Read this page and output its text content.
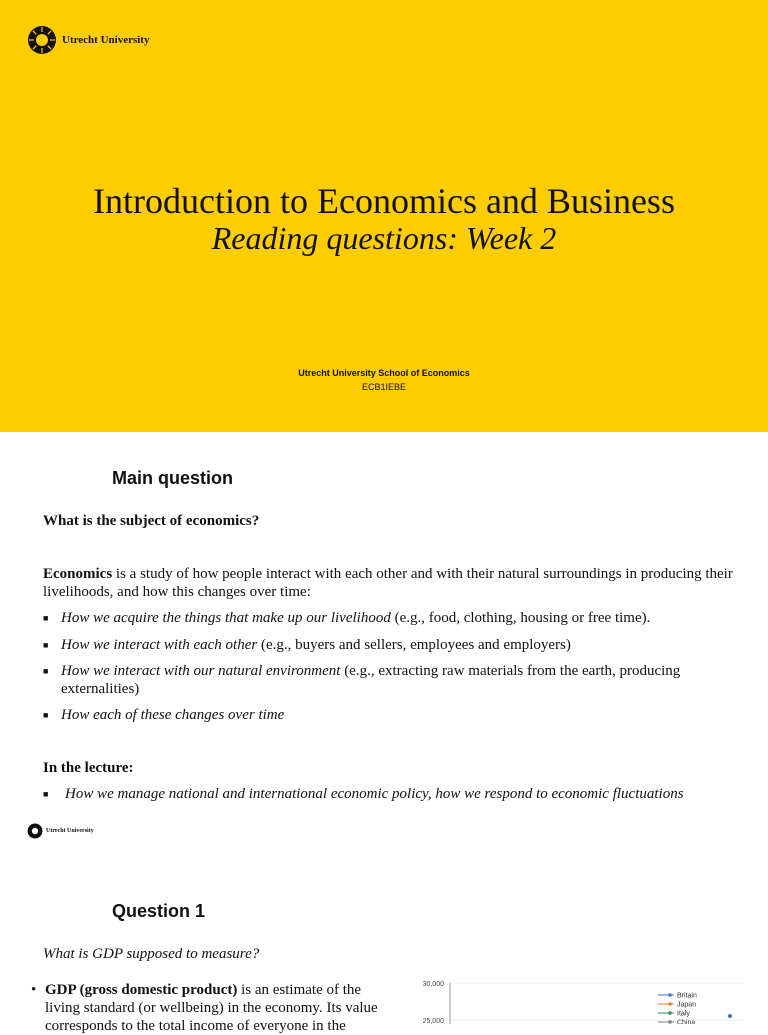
Utrecht University
Introduction to Economics and Business
Reading questions: Week 2
Utrecht University School of Economics
ECB1IEBE
Main question
What is the subject of economics?
Economics is a study of how people interact with each other and with their natural surroundings in producing their livelihoods, and how this changes over time:
■ How we acquire the things that make up our livelihood (e.g., food, clothing, housing or free time).
■ How we interact with each other (e.g., buyers and sellers, employees and employers)
■ How we interact with our natural environment (e.g., extracting raw materials from the earth, producing externalities)
■ How each of these changes over time
In the lecture:
■	How we manage national and international economic policy, how we respond to economic fluctuations
Utrecht University
Question 1
What is GDP supposed to measure?
• GDP (gross domestic product) is an estimate of the
living standard (or wellbeing) in the economy. Its value
corresponds to the total income of everyone in the
30,000
25,000
Britain
Japan
Italy
China
